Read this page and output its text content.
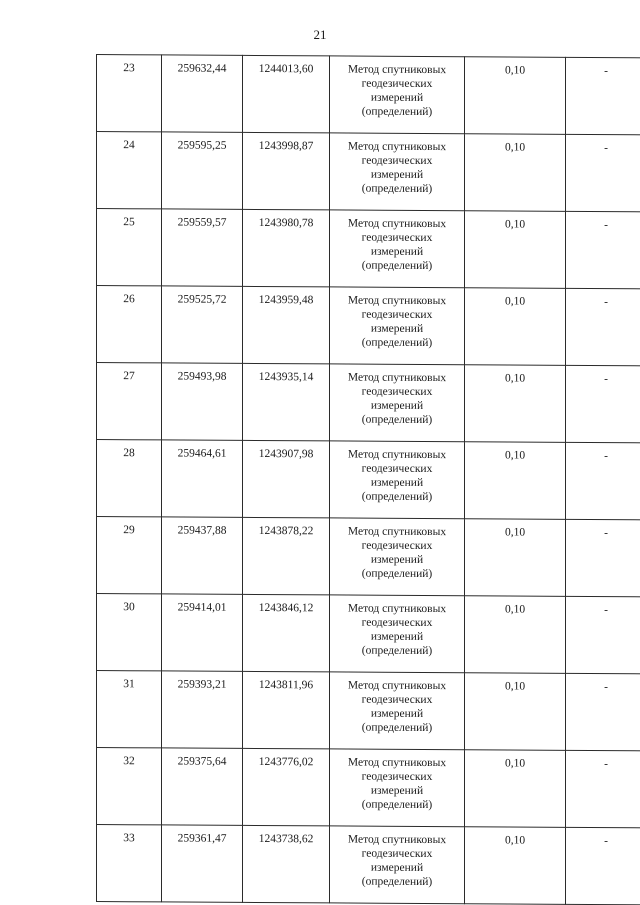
21
23	259632,44	1244013,60	Метод спутниковых
геодезических
измерений
(определений)	0,10	-
24	259595,25	1243998,87	Метод спутниковых
геодезических
измерений
(определений)	0,10	-
25	259559,57	1243980,78	Метод спутниковых
геодезических
измерений
(определений)	0,10	-
26	259525,72	1243959,48	Метод спутниковых
геодезических
измерений
(определений)	0,10	-
27	259493,98	1243935,14	Метод спутниковых
геодезических
измерений
(определений)	0,10	-
28	259464,61	1243907,98	Метод спутниковых
геодезических
измерений
(определений)	0,10	-
29	259437,88	1243878,22	Метод спутниковых
геодезических
измерений
(определений)	0,10	-
30	259414,01	1243846,12	Метод спутниковых
геодезических
измерений
(определений)	0,10	-
31	259393,21	1243811,96	Метод спутниковых
геодезических
измерений
(определений)	0,10	-
32	259375,64	1243776,02	Метод спутниковых
геодезических
измерений
(определений)	0,10	-
33	259361,47	1243738,62	Метод спутниковых
геодезических
измерений
(определений)	0,10	-
